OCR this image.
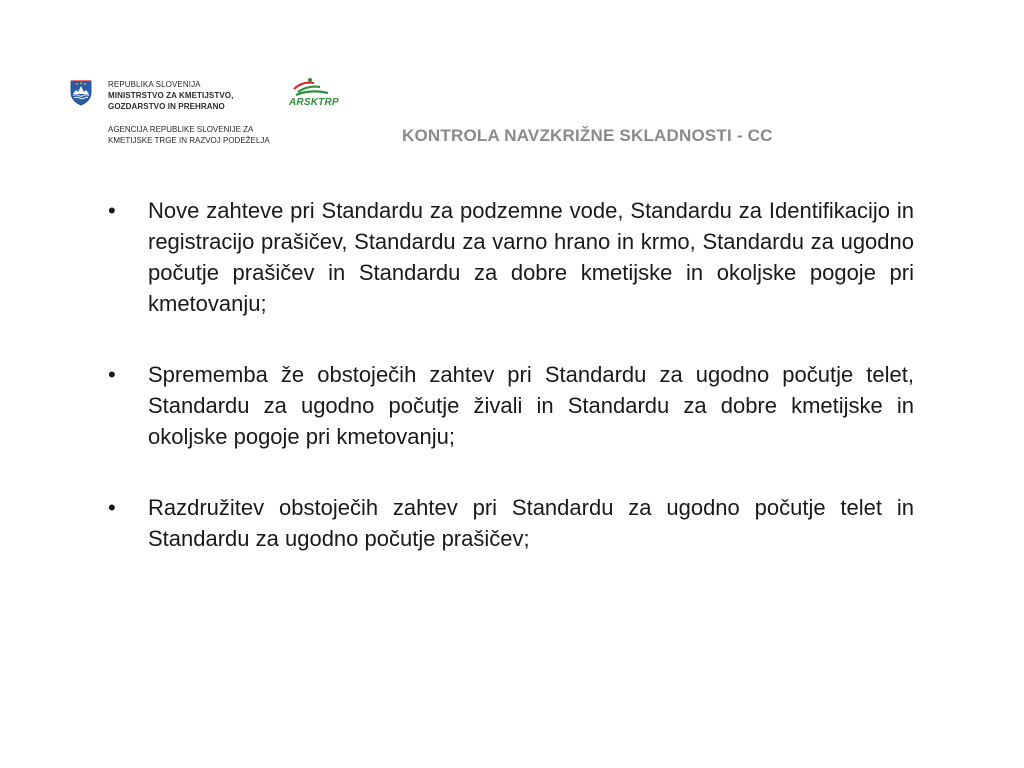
REPUBLIKA SLOVENIJA
MINISTRSTVO ZA KMETIJSTVO,
GOZDARSTVO IN PREHRANO
AGENCIJA REPUBLIKE SLOVENIJE ZA
KMETIJSKE TRGE IN RAZVOJ PODEŽELJA
ARSKTRP
KONTROLA NAVZKRIŽNE SKLADNOSTI - CC
•	Nove zahteve pri Standardu za podzemne vode, Standardu za Identifikacijo in registracijo prašičev, Standardu za varno hrano in krmo, Standardu za ugodno počutje prašičev in Standardu za dobre kmetijske in okoljske pogoje pri kmetovanju;
•	Sprememba že obstoječih zahtev pri Standardu za ugodno počutje telet, Standardu za ugodno počutje živali in Standardu za dobre kmetijske in okoljske pogoje pri kmetovanju;
•	Razdružitev obstoječih zahtev pri Standardu za ugodno počutje telet in Standardu za ugodno počutje prašičev;
